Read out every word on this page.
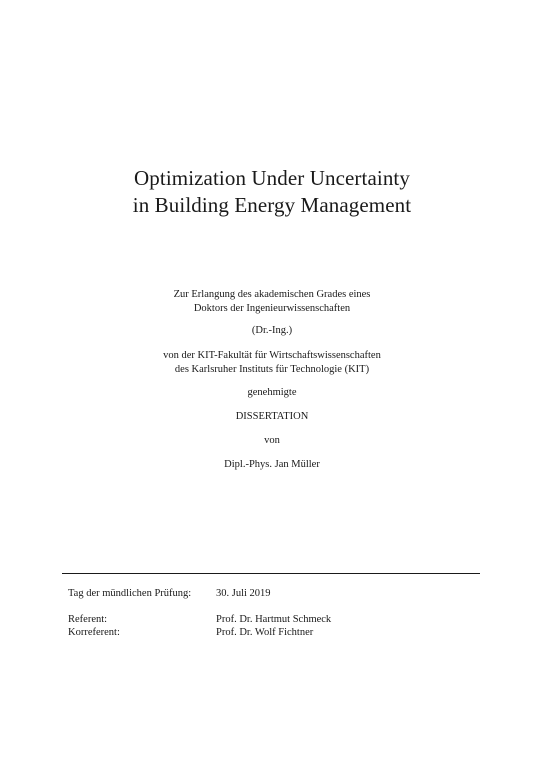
Optimization Under Uncertainty
in Building Energy Management
Zur Erlangung des akademischen Grades eines
Doktors der Ingenieurwissenschaften
(Dr.-Ing.)
von der KIT-Fakultät für Wirtschaftswissenschaften
des Karlsruher Instituts für Technologie (KIT)
genehmigte
DISSERTATION
von
Dipl.-Phys. Jan Müller
Tag der mündlichen Prüfung: 30. Juli 2019
Referent:	Prof. Dr. Hartmut Schmeck
Korreferent:	Prof. Dr. Wolf Fichtner
